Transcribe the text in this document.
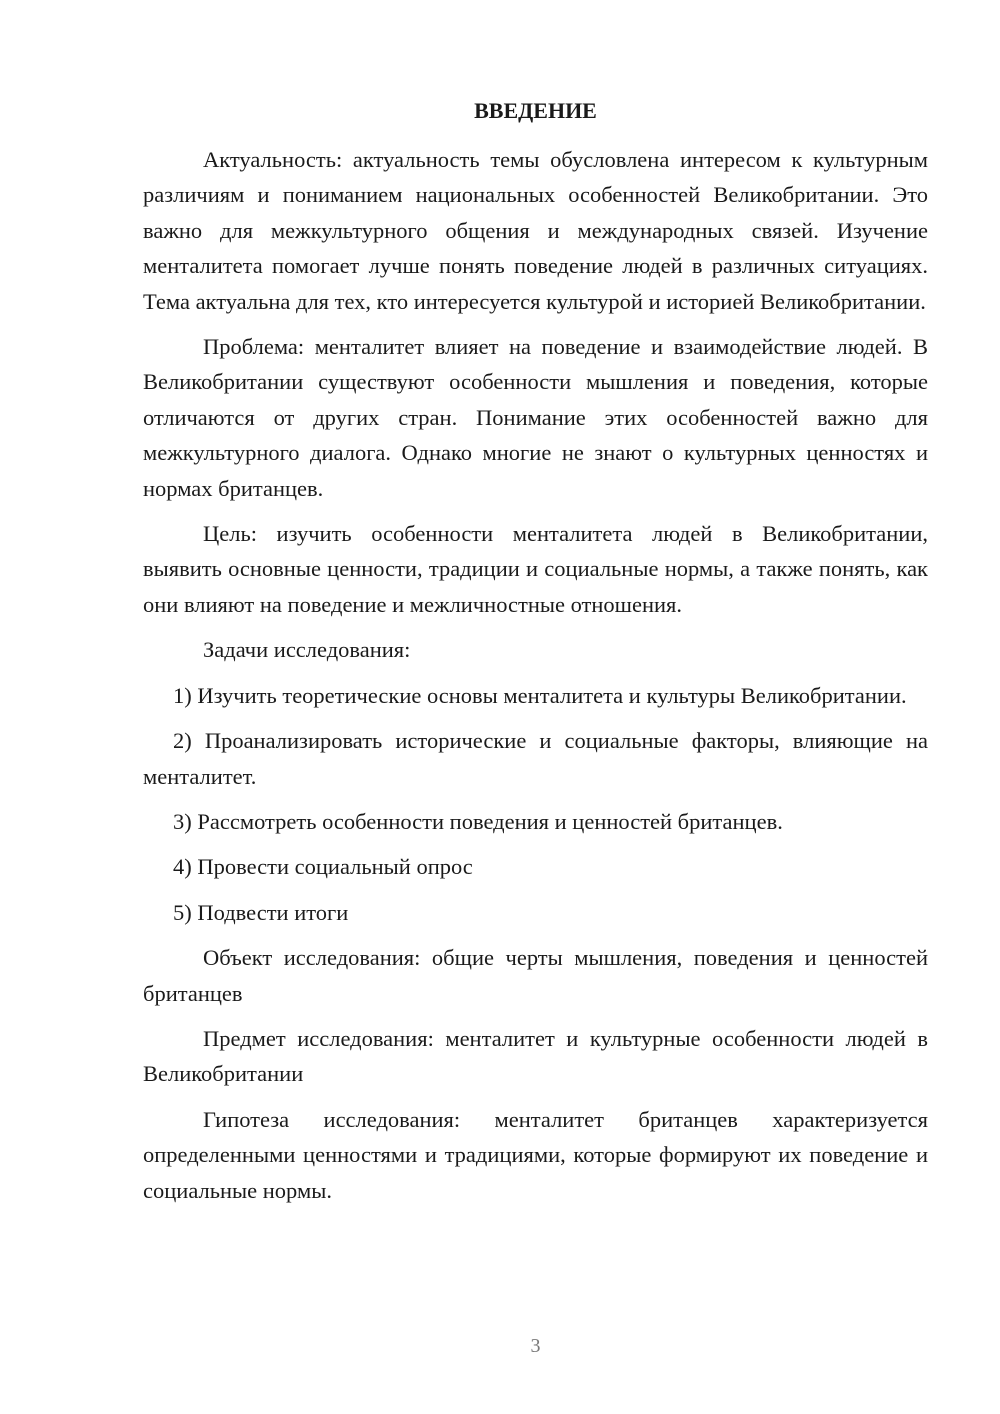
ВВЕДЕНИЕ

Актуальность: актуальность темы обусловлена интересом к культурным различиям и пониманием национальных особенностей Великобритании. Это важно для межкультурного общения и международных связей. Изучение менталитета помогает лучше понять поведение людей в различных ситуациях. Тема актуальна для тех, кто интересуется культурой и историей Великобритании.

Проблема: менталитет влияет на поведение и взаимодействие людей. В Великобритании существуют особенности мышления и поведения, которые отличаются от других стран. Понимание этих особенностей важно для межкультурного диалога. Однако многие не знают о культурных ценностях и нормах британцев.

Цель: изучить особенности менталитета людей в Великобритании, выявить основные ценности, традиции и социальные нормы, а также понять, как они влияют на поведение и межличностные отношения.

Задачи исследования:

1) Изучить теоретические основы менталитета и культуры Великобритании.

2) Проанализировать исторические и социальные факторы, влияющие на менталитет.

3) Рассмотреть особенности поведения и ценностей британцев.

4) Провести социальный опрос

5) Подвести итоги

Объект исследования: общие черты мышления, поведения и ценностей британцев

Предмет исследования: менталитет и культурные особенности людей в Великобритании

Гипотеза исследования: менталитет британцев характеризуется определенными ценностями и традициями, которые формируют их поведение и социальные нормы.

3
